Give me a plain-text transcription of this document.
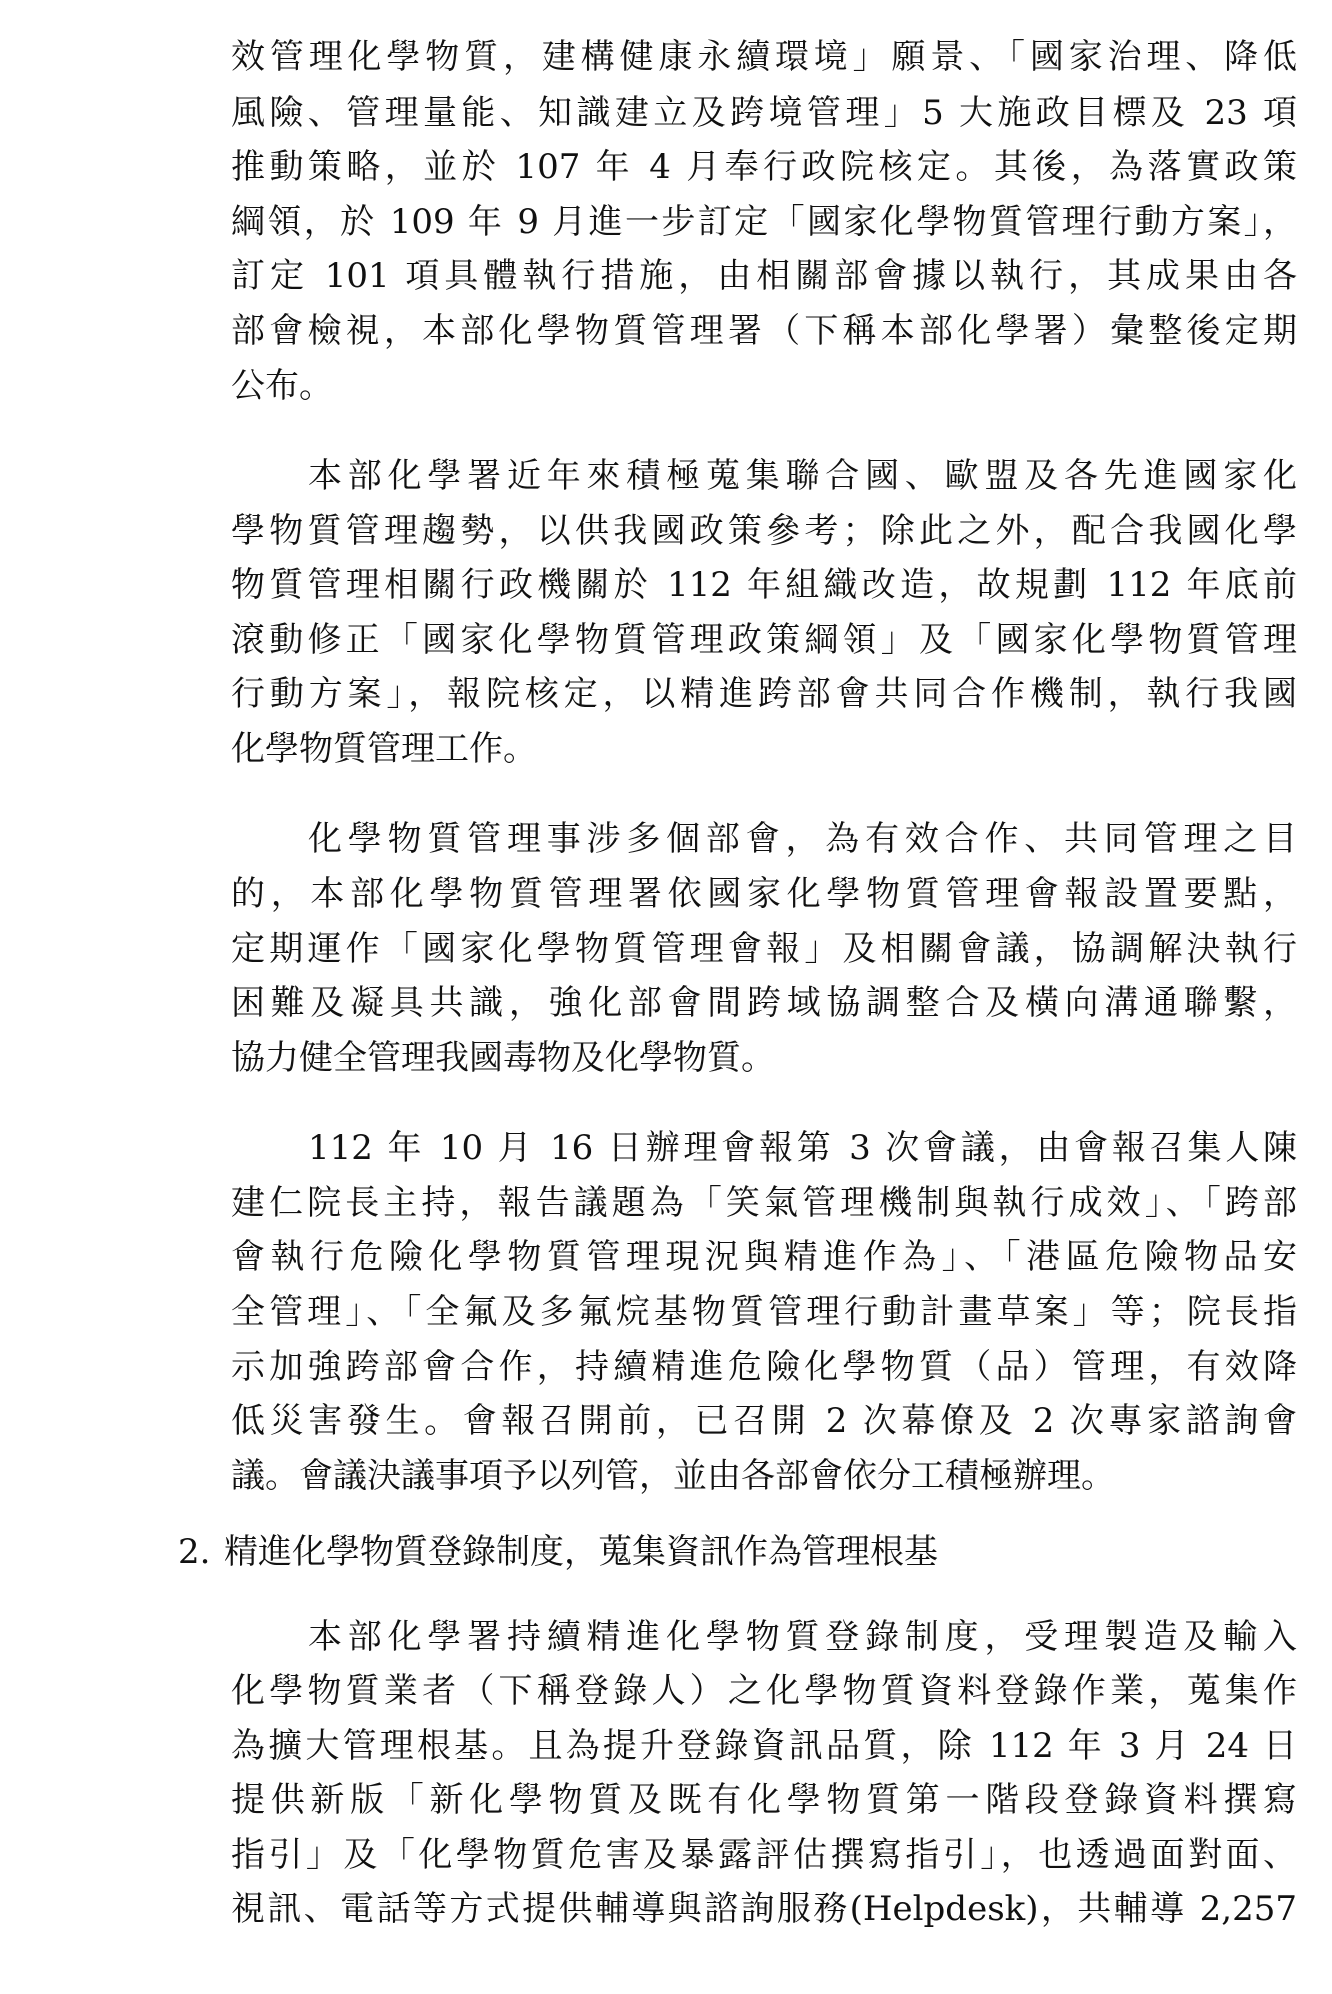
效管理化學物質，建構健康永續環境」願景、「國家治理、降低
風險、管理量能、知識建立及跨境管理」5 大施政目標及 23 項
推動策略，並於 107 年 4 月奉行政院核定。其後，為落實政策
綱領，於 109 年 9 月進一步訂定「國家化學物質管理行動方案」，
訂定 101 項具體執行措施，由相關部會據以執行，其成果由各
部會檢視，本部化學物質管理署（下稱本部化學署）彙整後定期
公布。
本部化學署近年來積極蒐集聯合國、歐盟及各先進國家化
學物質管理趨勢，以供我國政策參考；除此之外，配合我國化學
物質管理相關行政機關於 112 年組織改造，故規劃 112 年底前
滾動修正「國家化學物質管理政策綱領」及「國家化學物質管理
行動方案」，報院核定，以精進跨部會共同合作機制，執行我國
化學物質管理工作。
化學物質管理事涉多個部會，為有效合作、共同管理之目
的，本部化學物質管理署依國家化學物質管理會報設置要點，
定期運作「國家化學物質管理會報」及相關會議，協調解決執行
困難及凝具共識，強化部會間跨域協調整合及橫向溝通聯繫，
協力健全管理我國毒物及化學物質。
112 年 10 月 16 日辦理會報第 3 次會議，由會報召集人陳
建仁院長主持，報告議題為「笑氣管理機制與執行成效」、「跨部
會執行危險化學物質管理現況與精進作為」、「港區危險物品安
全管理」、「全氟及多氟烷基物質管理行動計畫草案」等；院長指
示加強跨部會合作，持續精進危險化學物質（品）管理，有效降
低災害發生。會報召開前，已召開 2 次幕僚及 2 次專家諮詢會
議。會議決議事項予以列管，並由各部會依分工積極辦理。
2. 精進化學物質登錄制度，蒐集資訊作為管理根基
本部化學署持續精進化學物質登錄制度，受理製造及輸入
化學物質業者（下稱登錄人）之化學物質資料登錄作業，蒐集作
為擴大管理根基。且為提升登錄資訊品質，除 112 年 3 月 24 日
提供新版「新化學物質及既有化學物質第一階段登錄資料撰寫
指引」及「化學物質危害及暴露評估撰寫指引」，也透過面對面、
視訊、電話等方式提供輔導與諮詢服務(Helpdesk)，共輔導 2,257
